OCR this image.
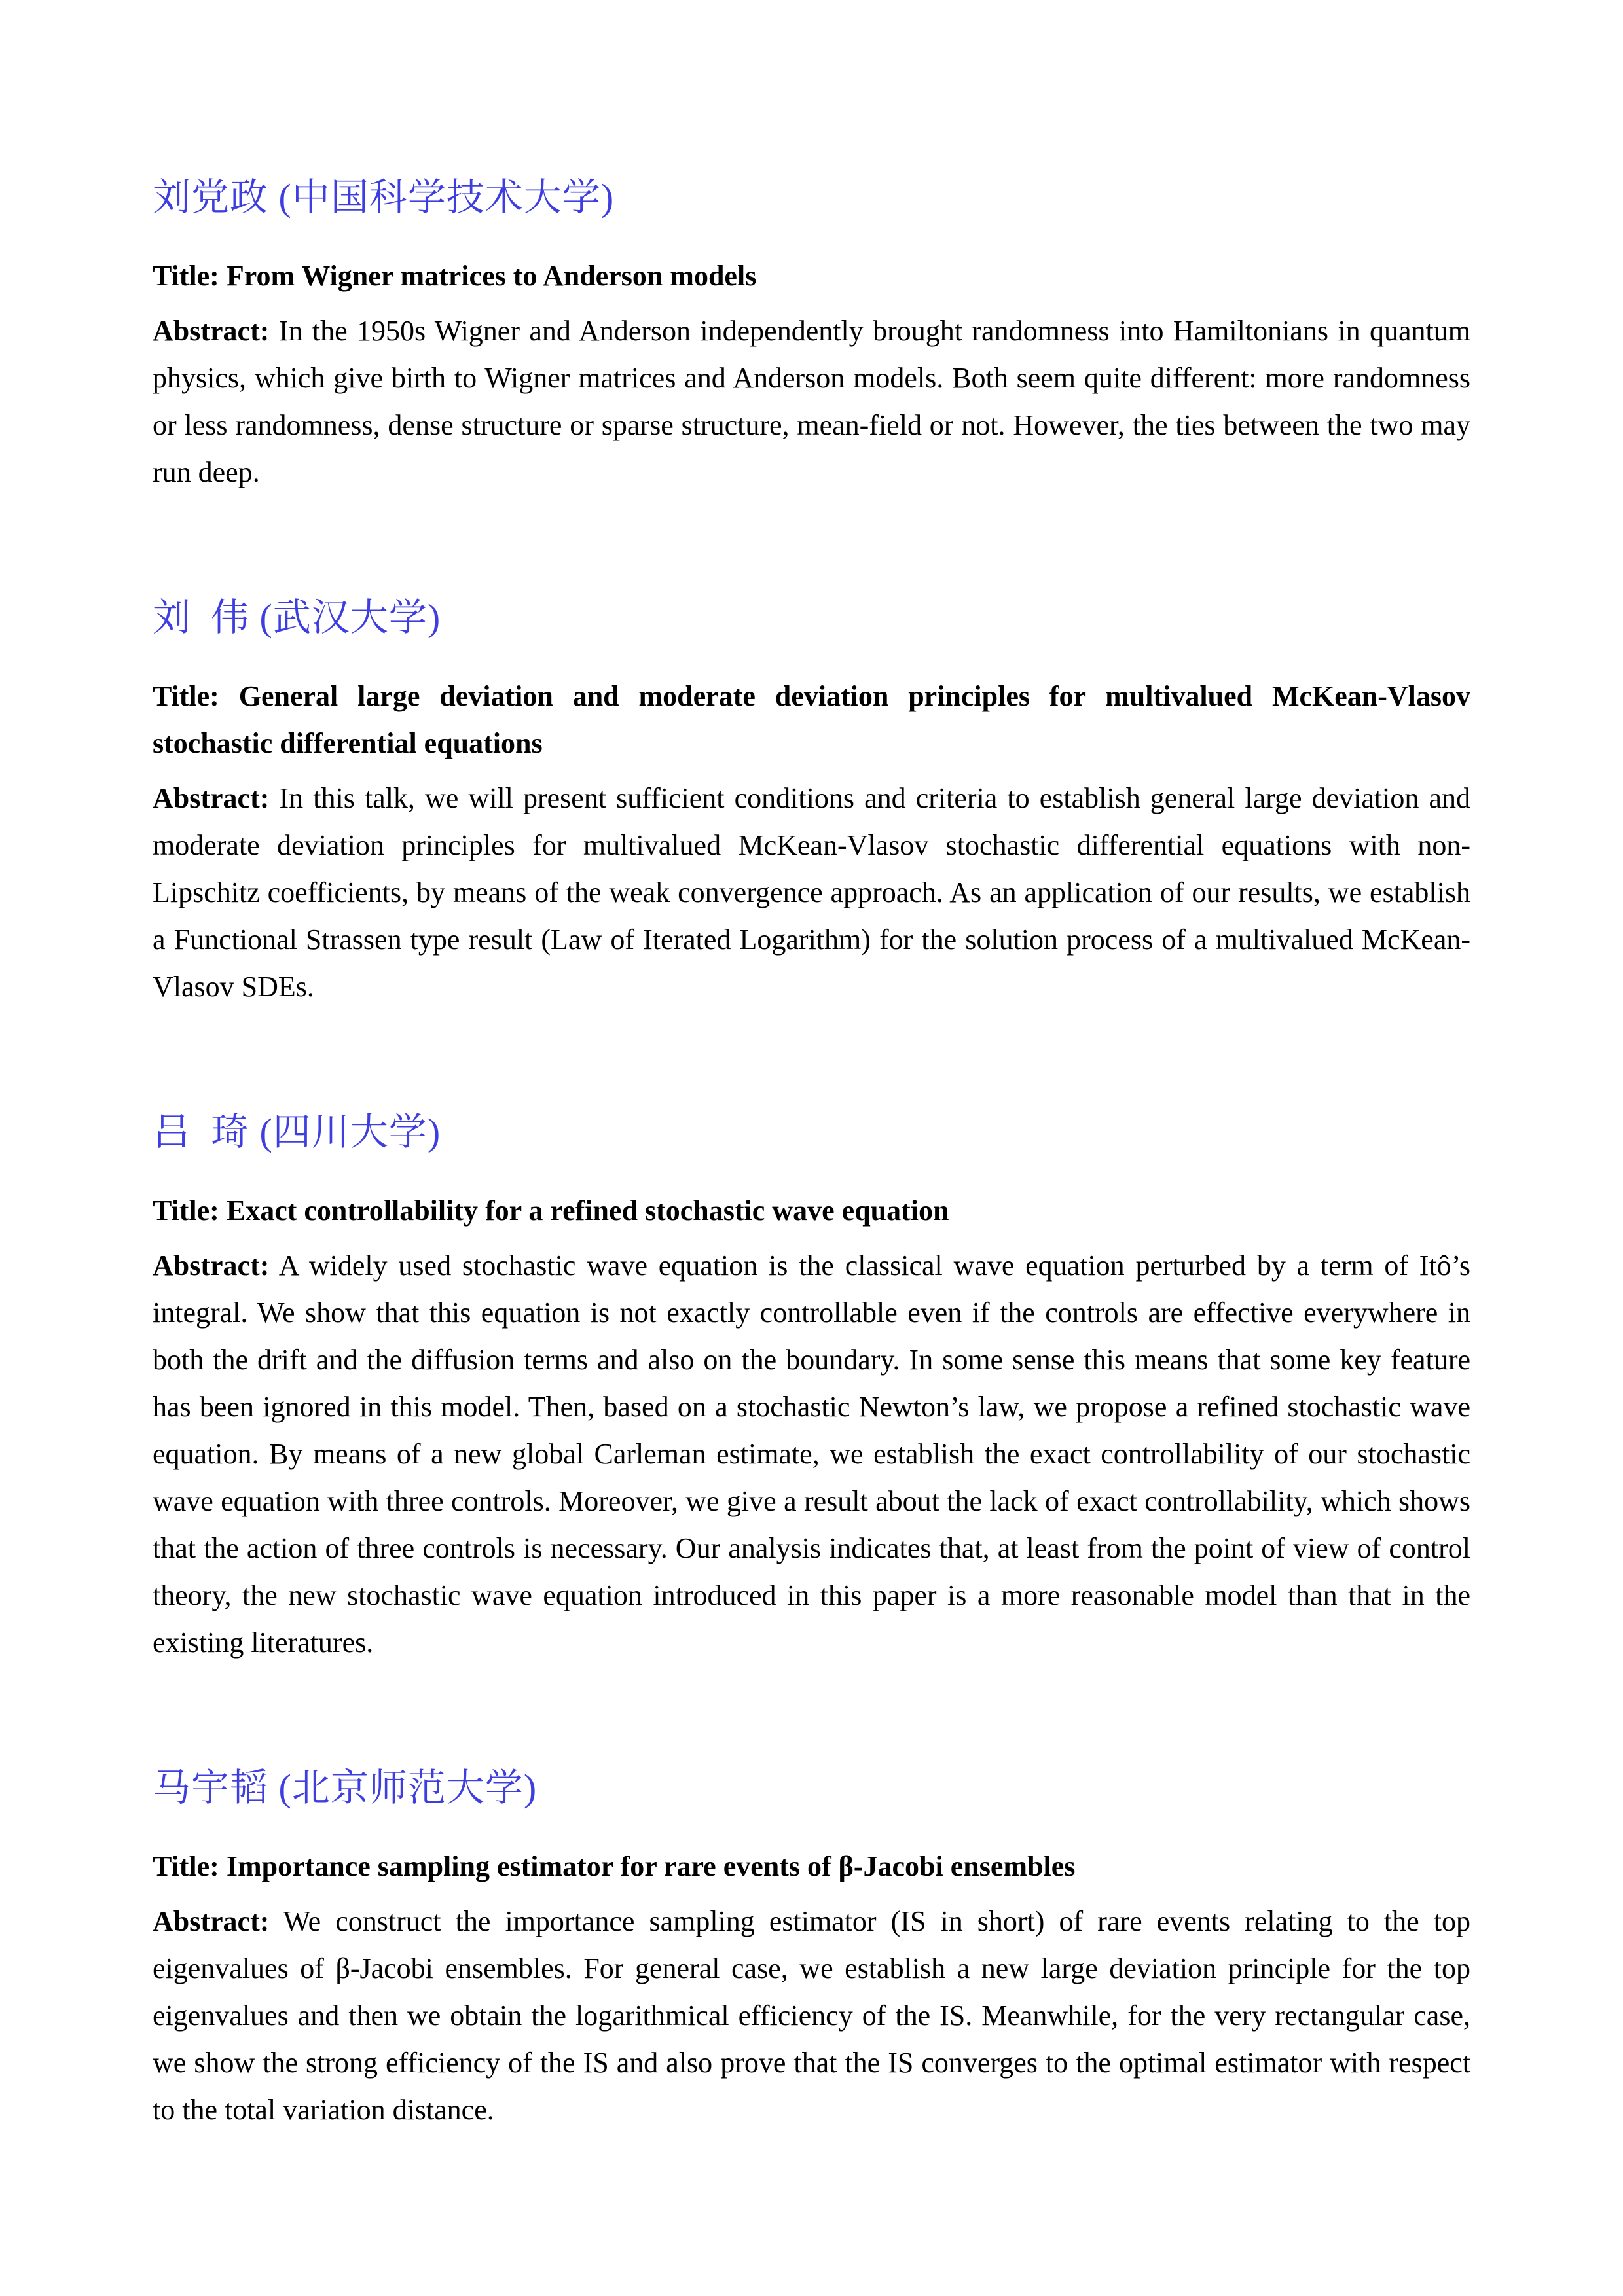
刘党政 (中国科学技术大学)

Title: From Wigner matrices to Anderson models

Abstract: In the 1950s Wigner and Anderson independently brought randomness into Hamiltonians in quantum physics, which give birth to Wigner matrices and Anderson models. Both seem quite different: more randomness or less randomness, dense structure or sparse structure, mean-field or not. However, the ties between the two may run deep.

刘 伟 (武汉大学)

Title: General large deviation and moderate deviation principles for multivalued McKean-Vlasov stochastic differential equations

Abstract: In this talk, we will present sufficient conditions and criteria to establish general large deviation and moderate deviation principles for multivalued McKean-Vlasov stochastic differential equations with non-Lipschitz coefficients, by means of the weak convergence approach. As an application of our results, we establish a Functional Strassen type result (Law of Iterated Logarithm) for the solution process of a multivalued McKean-Vlasov SDEs.

吕 琦 (四川大学)

Title: Exact controllability for a refined stochastic wave equation

Abstract: A widely used stochastic wave equation is the classical wave equation perturbed by a term of Itô’s integral. We show that this equation is not exactly controllable even if the controls are effective everywhere in both the drift and the diffusion terms and also on the boundary. In some sense this means that some key feature has been ignored in this model. Then, based on a stochastic Newton’s law, we propose a refined stochastic wave equation. By means of a new global Carleman estimate, we establish the exact controllability of our stochastic wave equation with three controls. Moreover, we give a result about the lack of exact controllability, which shows that the action of three controls is necessary. Our analysis indicates that, at least from the point of view of control theory, the new stochastic wave equation introduced in this paper is a more reasonable model than that in the existing literatures.

马宇韬 (北京师范大学)

Title: Importance sampling estimator for rare events of β-Jacobi ensembles

Abstract: We construct the importance sampling estimator (IS in short) of rare events relating to the top eigenvalues of β-Jacobi ensembles. For general case, we establish a new large deviation principle for the top eigenvalues and then we obtain the logarithmical efficiency of the IS. Meanwhile, for the very rectangular case, we show the strong efficiency of the IS and also prove that the IS converges to the optimal estimator with respect to the total variation distance.
